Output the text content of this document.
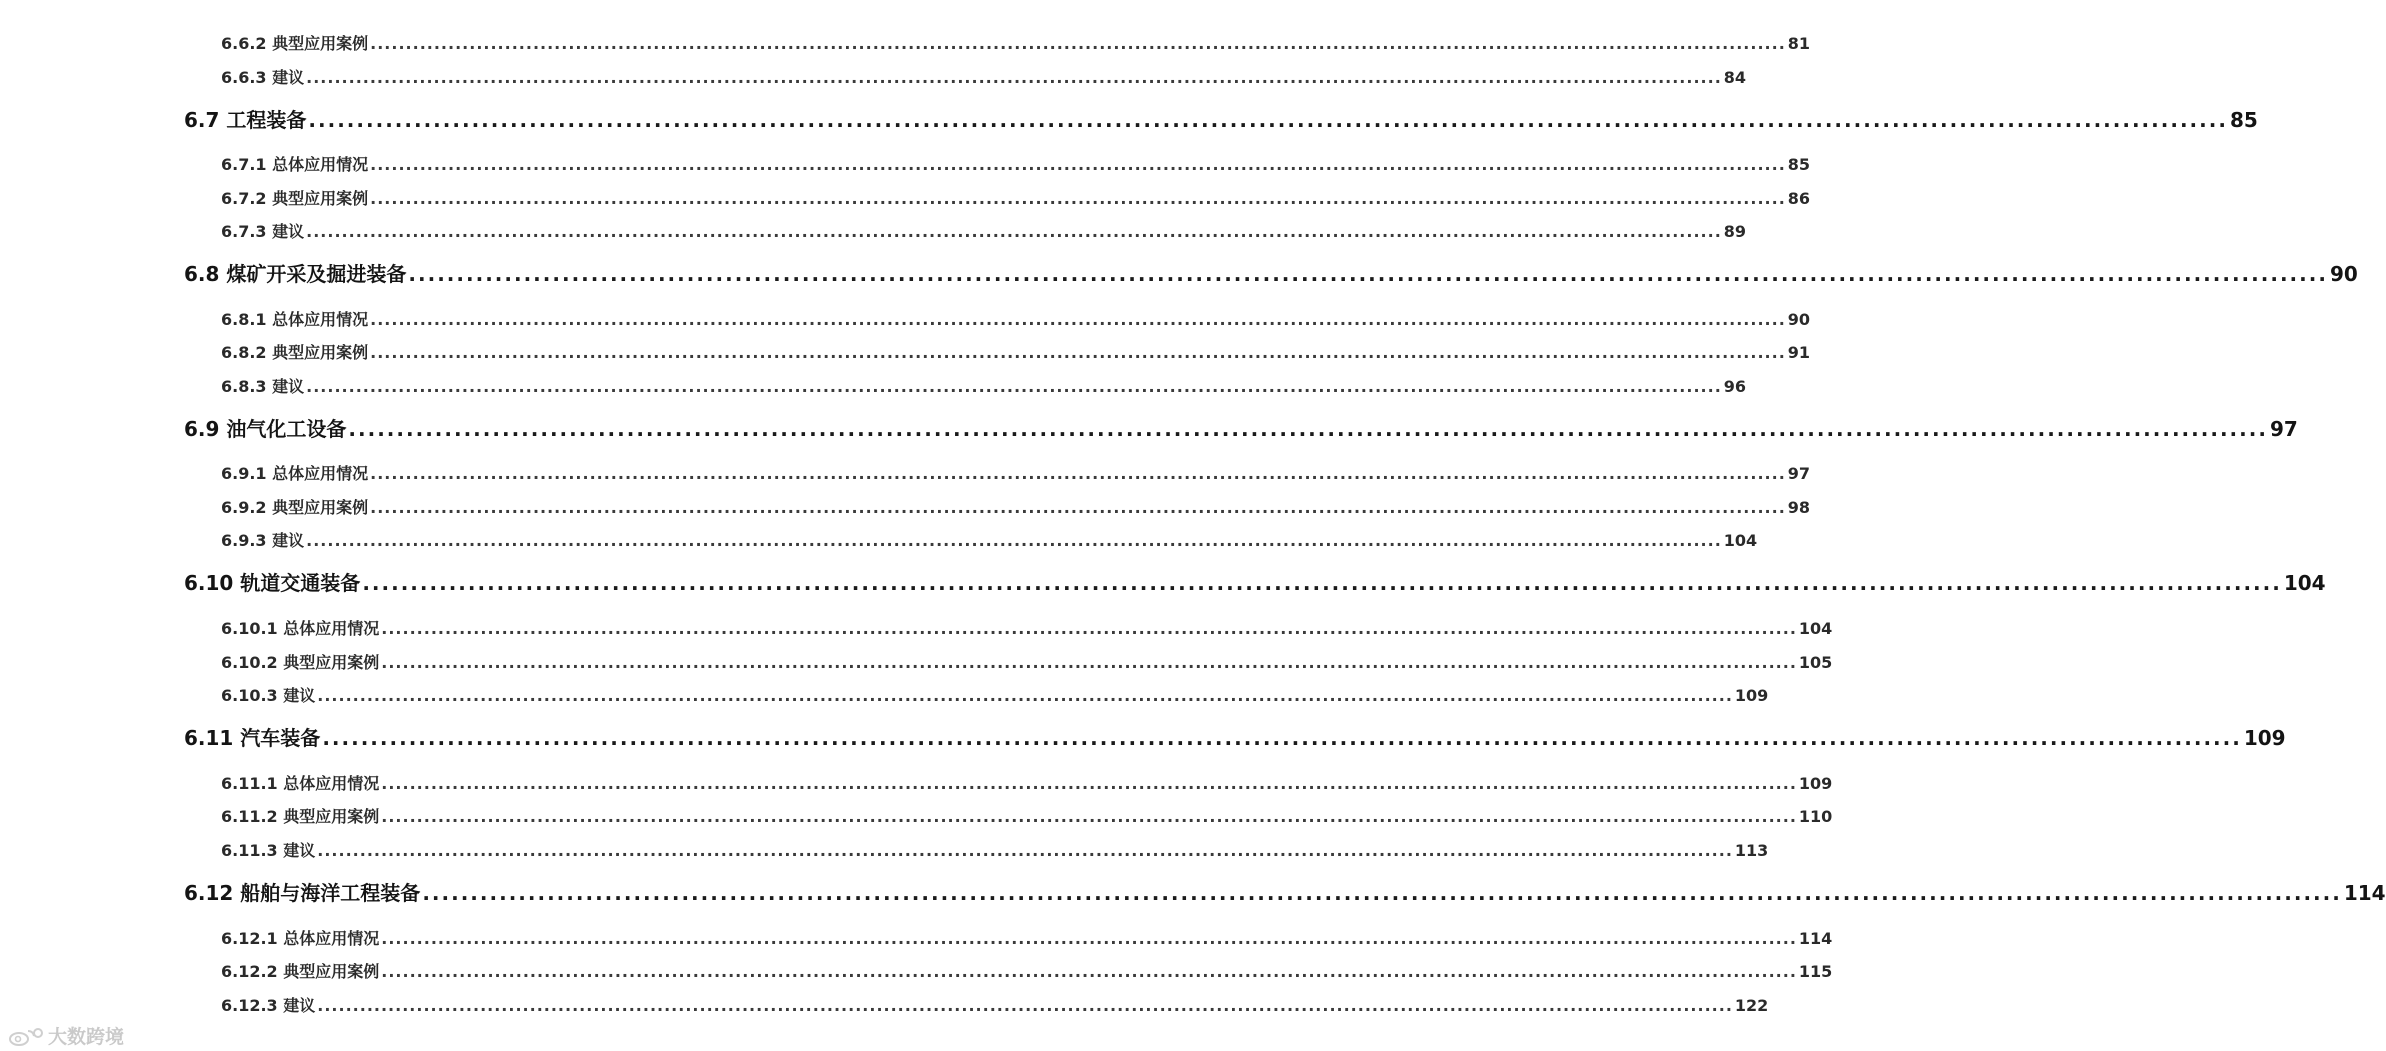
6.6.2 典型应用案例 ........................................................................................................................................................................................................ 81
6.6.3 建议 ........................................................................................................................................................................................................ 84
6.7 工程装备 ........................................................................................................................................................................................................ 85
6.7.1 总体应用情况 ........................................................................................................................................................................................................ 85
6.7.2 典型应用案例 ........................................................................................................................................................................................................ 86
6.7.3 建议 ........................................................................................................................................................................................................ 89
6.8 煤矿开采及掘进装备 ........................................................................................................................................................................................................ 90
6.8.1 总体应用情况 ........................................................................................................................................................................................................ 90
6.8.2 典型应用案例 ........................................................................................................................................................................................................ 91
6.8.3 建议 ........................................................................................................................................................................................................ 96
6.9 油气化工设备 ........................................................................................................................................................................................................ 97
6.9.1 总体应用情况 ........................................................................................................................................................................................................ 97
6.9.2 典型应用案例 ........................................................................................................................................................................................................ 98
6.9.3 建议 ........................................................................................................................................................................................................ 104
6.10 轨道交通装备 ........................................................................................................................................................................................................ 104
6.10.1 总体应用情况 ........................................................................................................................................................................................................ 104
6.10.2 典型应用案例 ........................................................................................................................................................................................................ 105
6.10.3 建议 ........................................................................................................................................................................................................ 109
6.11 汽车装备 ........................................................................................................................................................................................................ 109
6.11.1 总体应用情况 ........................................................................................................................................................................................................ 109
6.11.2 典型应用案例 ........................................................................................................................................................................................................ 110
6.11.3 建议 ........................................................................................................................................................................................................ 113
6.12 船舶与海洋工程装备 ........................................................................................................................................................................................................ 114
6.12.1 总体应用情况 ........................................................................................................................................................................................................ 114
6.12.2 典型应用案例 ........................................................................................................................................................................................................ 115
6.12.3 建议 ........................................................................................................................................................................................................ 122
大数跨境
